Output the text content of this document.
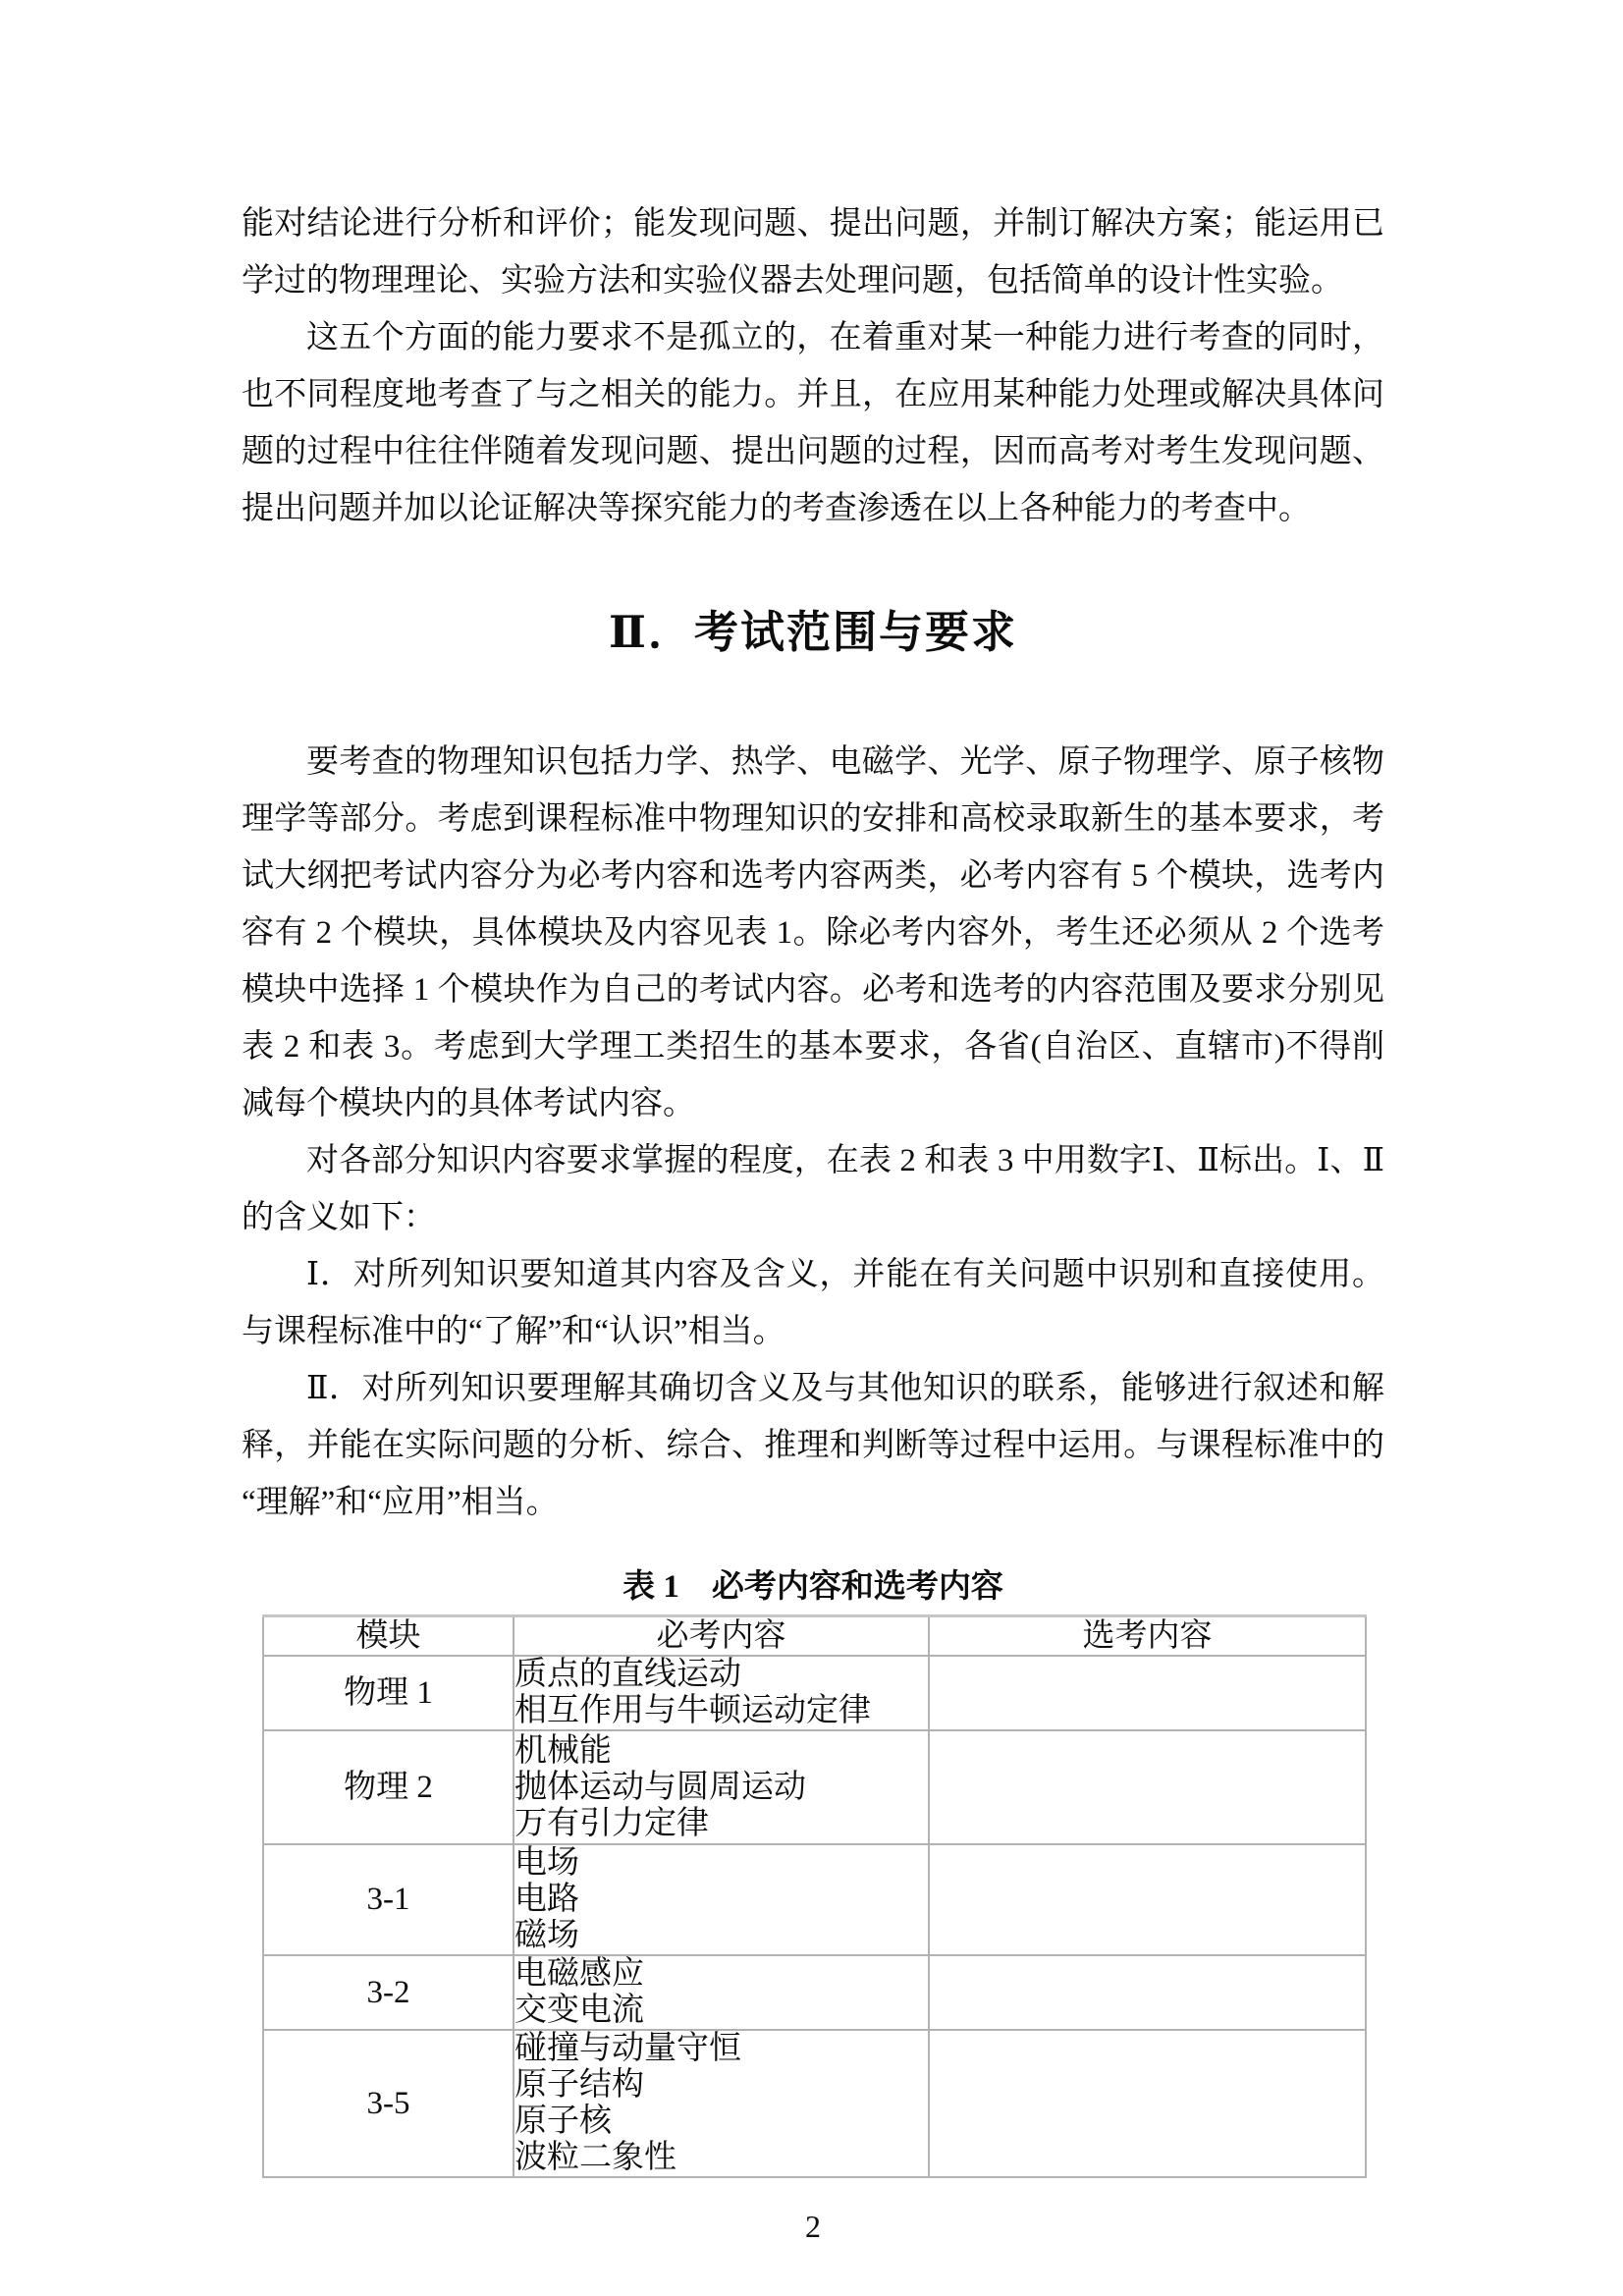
能对结论进行分析和评价；能发现问题、提出问题，并制订解决方案；能运用已学过的物理理论、实验方法和实验仪器去处理问题，包括简单的设计性实验。

这五个方面的能力要求不是孤立的，在着重对某一种能力进行考查的同时，也不同程度地考查了与之相关的能力。并且，在应用某种能力处理或解决具体问题的过程中往往伴随着发现问题、提出问题的过程，因而高考对考生发现问题、提出问题并加以论证解决等探究能力的考查渗透在以上各种能力的考查中。

Ⅱ．考试范围与要求

要考查的物理知识包括力学、热学、电磁学、光学、原子物理学、原子核物理学等部分。考虑到课程标准中物理知识的安排和高校录取新生的基本要求，考试大纲把考试内容分为必考内容和选考内容两类，必考内容有 5 个模块，选考内容有 2 个模块，具体模块及内容见表 1。除必考内容外，考生还必须从 2 个选考模块中选择 1 个模块作为自己的考试内容。必考和选考的内容范围及要求分别见表 2 和表 3。考虑到大学理工类招生的基本要求，各省(自治区、直辖市)不得削减每个模块内的具体考试内容。

对各部分知识内容要求掌握的程度，在表 2 和表 3 中用数字Ⅰ、Ⅱ标出。Ⅰ、Ⅱ的含义如下：

Ⅰ．对所列知识要知道其内容及含义，并能在有关问题中识别和直接使用。与课程标准中的“了解”和“认识”相当。

Ⅱ．对所列知识要理解其确切含义及与其他知识的联系，能够进行叙述和解释，并能在实际问题的分析、综合、推理和判断等过程中运用。与课程标准中的“理解”和“应用”相当。

表 1　必考内容和选考内容
模块	必考内容	选考内容
物理 1	质点的直线运动
相互作用与牛顿运动定律	

物理 2	机械能
抛体运动与圆周运动
万有引力定律	

3-1	电场
电路
磁场	

3-2	电磁感应
交变电流	

3-5	碰撞与动量守恒
原子结构
原子核
波粒二象性	

2
